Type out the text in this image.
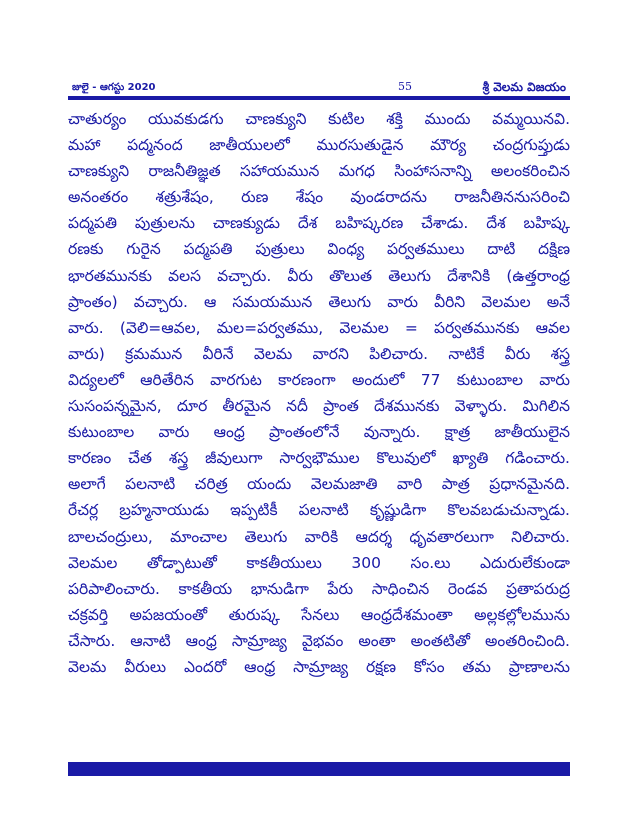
జులై - ఆగస్టు 2020	55	శ్రీ వెలమ విజయం
చాతుర్యం యువకుడగు చాణక్యుని కుటిల శక్తి ముందు వమ్మయినవి.
మహా పద్మనంద జాతీయులలో మురసుతుడైన మౌర్య చంద్రగుప్తుడు
చాణక్యుని రాజనీతిజ్ఞత సహాయమున మగధ సింహాసనాన్ని అలంకరించిన
అనంతరం శత్రుశేషం, రుణ శేషం వుండరాదను రాజనీతిననుసరించి
పద్మపతి పుత్రులను చాణక్యుడు దేశ బహిష్కరణ చేశాడు. దేశ బహిష్క
రణకు గురైన పద్మపతి పుత్రులు వింధ్య పర్వతములు దాటి దక్షిణ
భారతమునకు వలస వచ్చారు. వీరు తొలుత తెలుగు దేశానికి (ఉత్తరాంధ్ర
ప్రాంతం) వచ్చారు. ఆ సమయమున తెలుగు వారు వీరిని వెలమల అనే
వారు. (వెలి=ఆవల, మల=పర్వతము, వెలమల = పర్వతమునకు ఆవల
వారు) క్రమమున వీరినే వెలమ వారని పిలిచారు. నాటికే వీరు శస్త్ర
విద్యలలో ఆరితేరిన వారగుట కారణంగా అందులో 77 కుటుంబాల వారు
సుసంపన్నమైన, దూర తీరమైన నదీ ప్రాంత దేశమునకు వెళ్ళారు. మిగిలిన
కుటుంబాల వారు ఆంధ్ర ప్రాంతంలోనే వున్నారు. క్షాత్ర జాతీయులైన
కారణం చేత శస్త్ర జీవులుగా సార్వభౌముల కొలువులో ఖ్యాతి గడించారు.
అలాగే పలనాటి చరిత్ర యందు వెలమజాతి వారి పాత్ర ప్రధానమైనది.
రేచర్ల బ్రహ్మనాయుడు ఇప్పటికీ పలనాటి కృష్ణుడిగా కొలవబడుచున్నాడు.
బాలచంద్రులు, మాంచాల తెలుగు వారికి ఆదర్శ ధృవతారలుగా నిలిచారు.
వెలమల తోడ్పాటుతో కాకతీయులు 300 సం.లు ఎదురులేకుండా
పరిపాలించారు. కాకతీయ భానుడిగా పేరు సాధించిన రెండవ ప్రతాపరుద్ర
చక్రవర్తి అపజయంతో తురుష్క సేనలు ఆంధ్రదేశమంతా అల్లకల్లోలమును
చేసారు. ఆనాటి ఆంధ్ర సామ్రాజ్య వైభవం అంతా అంతటితో అంతరించింది.
వెలమ వీరులు ఎందరో ఆంధ్ర సామ్రాజ్య రక్షణ కోసం తమ ప్రాణాలను
